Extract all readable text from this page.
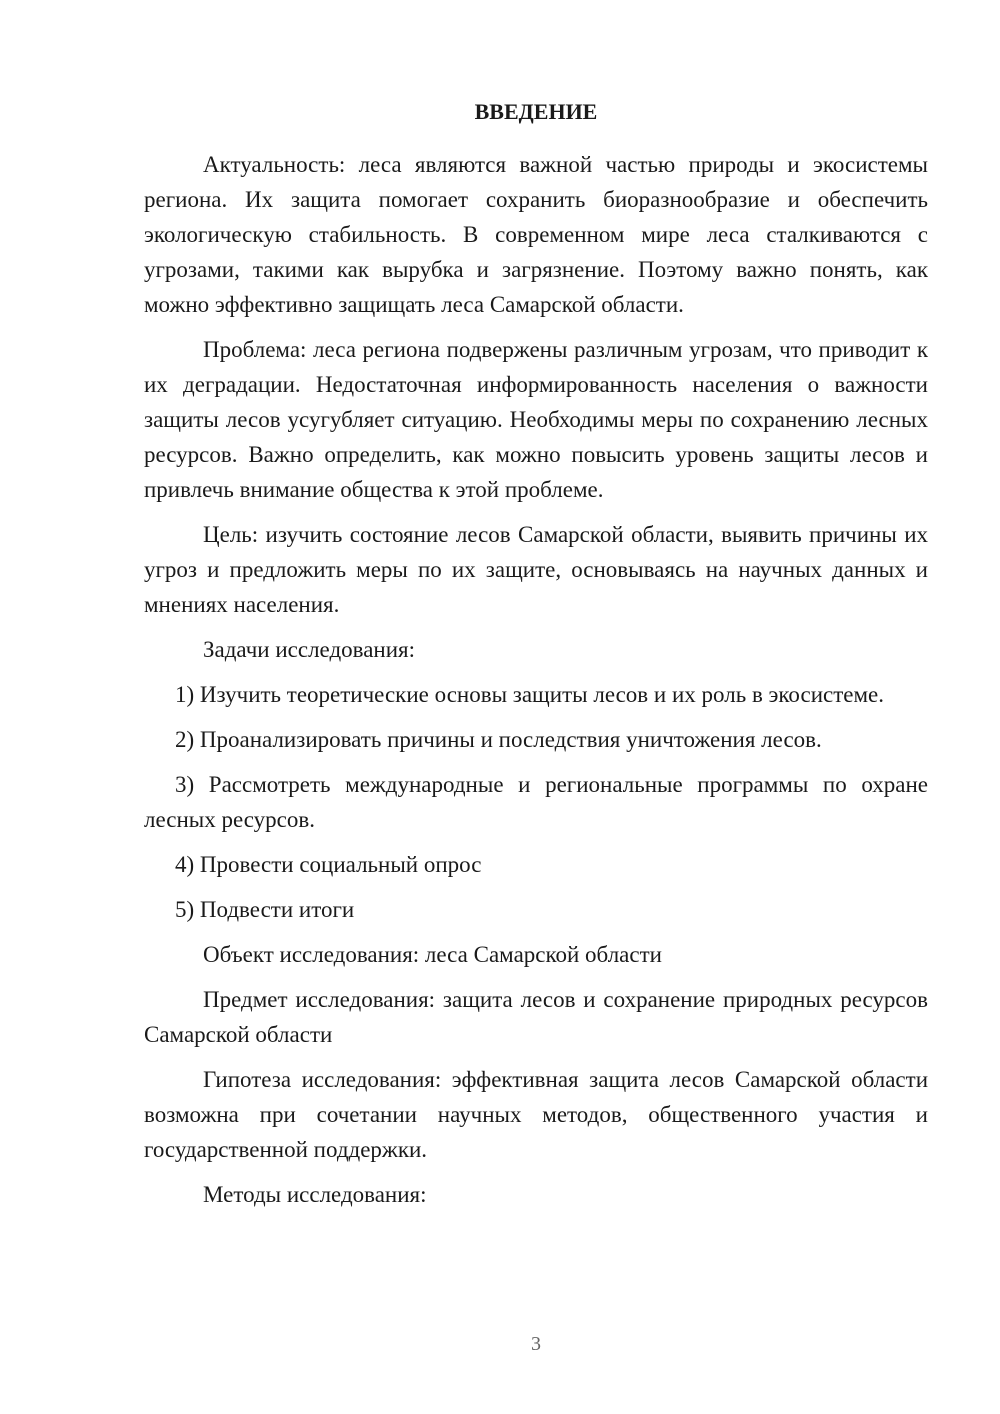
ВВЕДЕНИЕ
Актуальность: леса являются важной частью природы и экосистемы региона. Их защита помогает сохранить биоразнообразие и обеспечить экологическую стабильность. В современном мире леса сталкиваются с угрозами, такими как вырубка и загрязнение. Поэтому важно понять, как можно эффективно защищать леса Самарской области.
Проблема: леса региона подвержены различным угрозам, что приводит к их деградации. Недостаточная информированность населения о важности защиты лесов усугубляет ситуацию. Необходимы меры по сохранению лесных ресурсов. Важно определить, как можно повысить уровень защиты лесов и привлечь внимание общества к этой проблеме.
Цель: изучить состояние лесов Самарской области, выявить причины их угроз и предложить меры по их защите, основываясь на научных данных и мнениях населения.
Задачи исследования:
1) Изучить теоретические основы защиты лесов и их роль в экосистеме.
2) Проанализировать причины и последствия уничтожения лесов.
3) Рассмотреть международные и региональные программы по охране лесных ресурсов.
4) Провести социальный опрос
5) Подвести итоги
Объект исследования: леса Самарской области
Предмет исследования: защита лесов и сохранение природных ресурсов Самарской области
Гипотеза исследования: эффективная защита лесов Самарской области возможна при сочетании научных методов, общественного участия и государственной поддержки.
Методы исследования:
3
